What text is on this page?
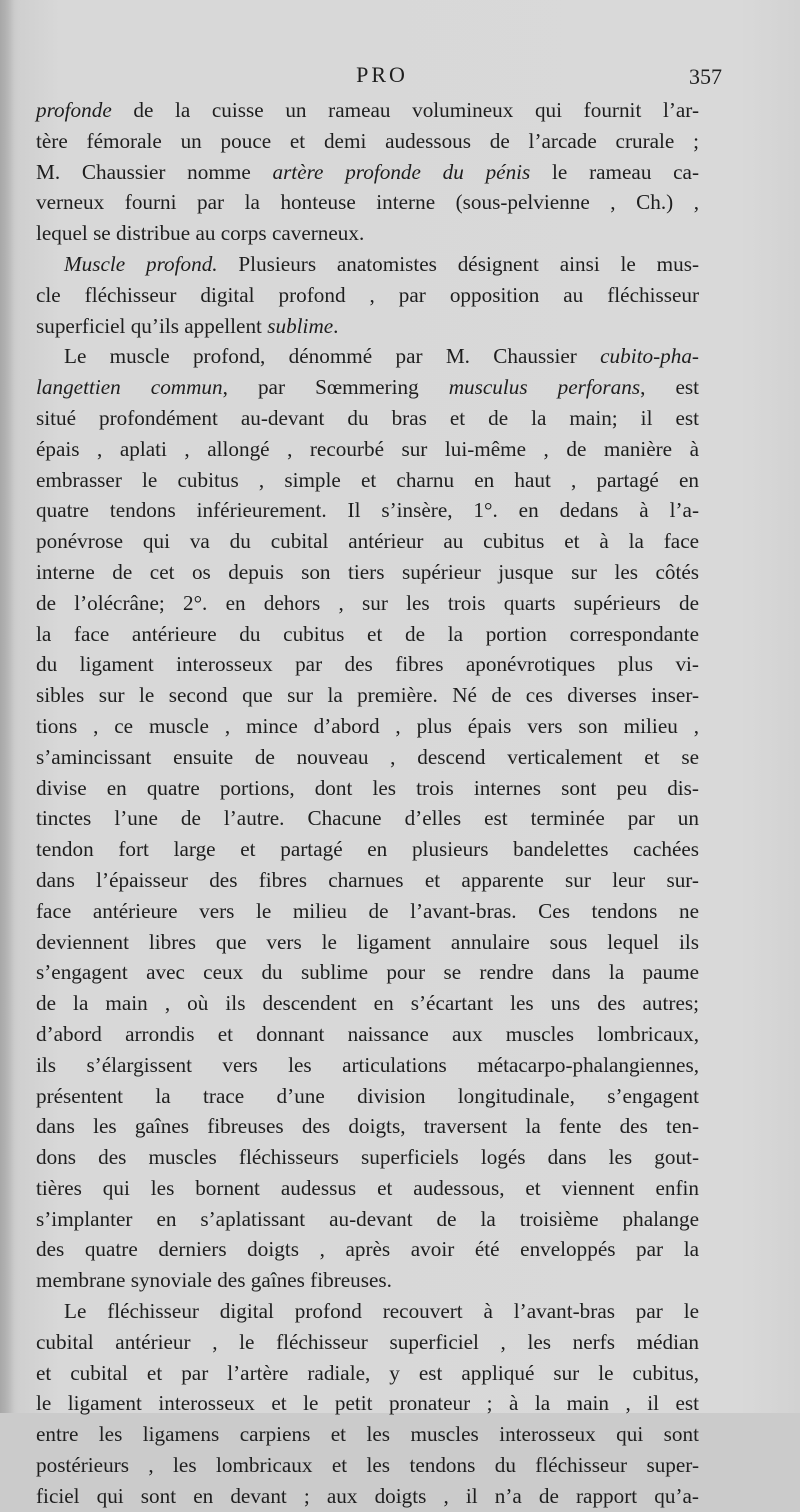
PRO	357
profonde de la cuisse un rameau volumineux qui fournit l’ar-
tère fémorale un pouce et demi audessous de l’arcade crurale ;
M. Chaussier nomme artère profonde du pénis le rameau ca-
verneux fourni par la honteuse interne (sous-pelvienne , Ch.) ,
lequel se distribue au corps caverneux.
Muscle profond. Plusieurs anatomistes désignent ainsi le mus-
cle fléchisseur digital profond , par opposition au fléchisseur
superficiel qu’ils appellent sublime.
Le muscle profond, dénommé par M. Chaussier cubito-pha-
langettien commun, par Sœmmering musculus perforans, est
situé profondément au-devant du bras et de la main; il est
épais , aplati , allongé , recourbé sur lui-même , de manière à
embrasser le cubitus , simple et charnu en haut , partagé en
quatre tendons inférieurement. Il s’insère, 1°. en dedans à l’a-
ponévrose qui va du cubital antérieur au cubitus et à la face
interne de cet os depuis son tiers supérieur jusque sur les côtés
de l’olécrâne; 2°. en dehors , sur les trois quarts supérieurs de
la face antérieure du cubitus et de la portion correspondante
du ligament interosseux par des fibres aponévrotiques plus vi-
sibles sur le second que sur la première. Né de ces diverses inser-
tions , ce muscle , mince d’abord , plus épais vers son milieu ,
s’amincissant ensuite de nouveau , descend verticalement et se
divise en quatre portions, dont les trois internes sont peu dis-
tinctes l’une de l’autre. Chacune d’elles est terminée par un
tendon fort large et partagé en plusieurs bandelettes cachées
dans l’épaisseur des fibres charnues et apparente sur leur sur-
face antérieure vers le milieu de l’avant-bras. Ces tendons ne
deviennent libres que vers le ligament annulaire sous lequel ils
s’engagent avec ceux du sublime pour se rendre dans la paume
de la main , où ils descendent en s’écartant les uns des autres;
d’abord arrondis et donnant naissance aux muscles lombricaux,
ils s’élargissent vers les articulations métacarpo-phalangiennes,
présentent la trace d’une division longitudinale, s’engagent
dans les gaînes fibreuses des doigts, traversent la fente des ten-
dons des muscles fléchisseurs superficiels logés dans les gout-
tières qui les bornent audessus et audessous, et viennent enfin
s’implanter en s’aplatissant au-devant de la troisième phalange
des quatre derniers doigts , après avoir été enveloppés par la
membrane synoviale des gaînes fibreuses.
Le fléchisseur digital profond recouvert à l’avant-bras par le
cubital antérieur , le fléchisseur superficiel , les nerfs médian
et cubital et par l’artère radiale, y est appliqué sur le cubitus,
le ligament interosseux et le petit pronateur ; à la main , il est
entre les ligamens carpiens et les muscles interosseux qui sont
postérieurs , les lombricaux et les tendons du fléchisseur super-
ficiel qui sont en devant ; aux doigts , il n’a de rapport qu’a-
